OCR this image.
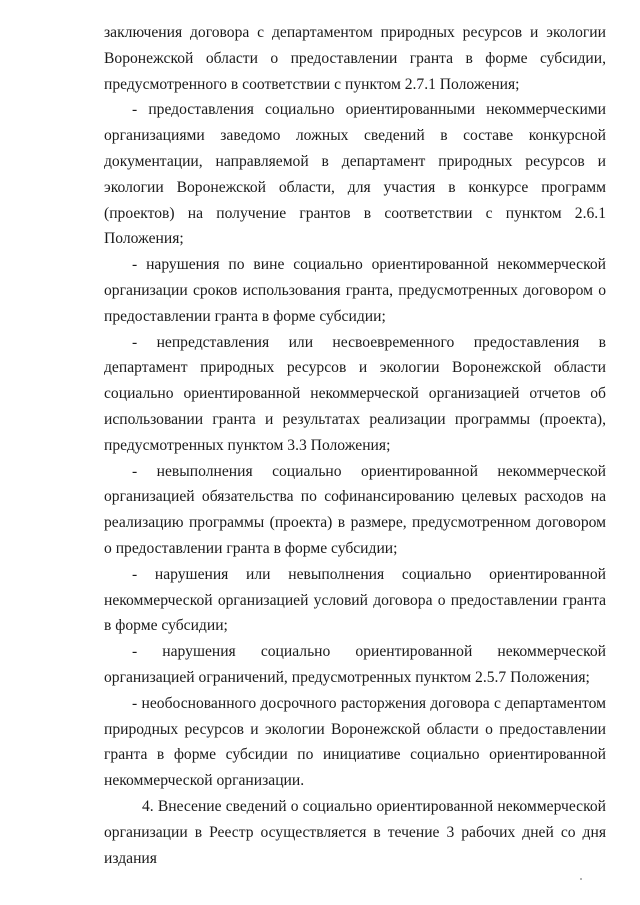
заключения договора с департаментом природных ресурсов и экологии Воронежской области о предоставлении гранта в форме субсидии, предусмотренного в соответствии с пунктом 2.7.1 Положения;

- предоставления социально ориентированными некоммерческими организациями заведомо ложных сведений в составе конкурсной документации, направляемой в департамент природных ресурсов и экологии Воронежской области, для участия в конкурсе программ (проектов) на получение грантов в соответствии с пунктом 2.6.1 Положения;

- нарушения по вине социально ориентированной некоммерческой организации сроков использования гранта, предусмотренных договором о предоставлении гранта в форме субсидии;

- непредставления или несвоевременного предоставления в департамент природных ресурсов и экологии Воронежской области социально ориентированной некоммерческой организацией отчетов об использовании гранта и результатах реализации программы (проекта), предусмотренных пунктом 3.3 Положения;

- невыполнения социально ориентированной некоммерческой организацией обязательства по софинансированию целевых расходов на реализацию программы (проекта) в размере, предусмотренном договором о предоставлении гранта в форме субсидии;

- нарушения или невыполнения социально ориентированной некоммерческой организацией условий договора о предоставлении гранта в форме субсидии;

- нарушения социально ориентированной некоммерческой организацией ограничений, предусмотренных пунктом 2.5.7 Положения;

- необоснованного досрочного расторжения договора с департаментом природных ресурсов и экологии Воронежской области о предоставлении гранта в форме субсидии по инициативе социально ориентированной некоммерческой организации.

4. Внесение сведений о социально ориентированной некоммерческой организации в Реестр осуществляется в течение 3 рабочих дней со дня издания
